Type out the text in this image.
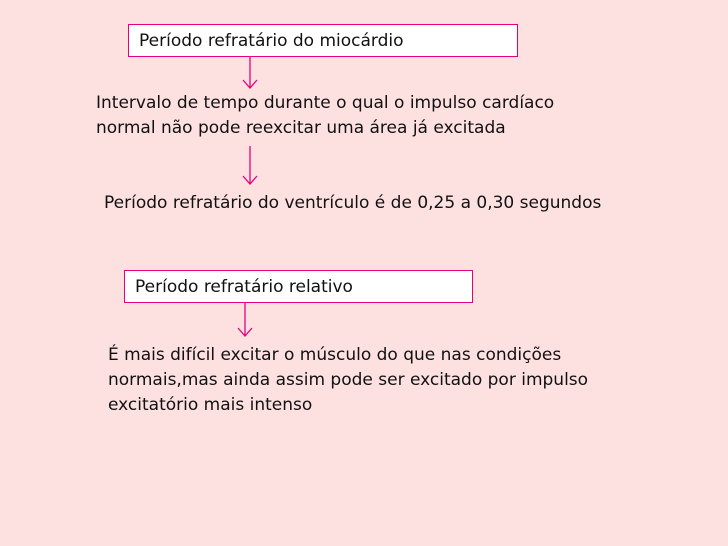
Período refratário do miocárdio
Intervalo de tempo durante o qual o impulso cardíaco
normal não pode reexcitar uma área já excitada
Período refratário do ventrículo é de 0,25 a 0,30 segundos
Período refratário relativo
É mais difícil excitar o músculo do que nas condições
normais,mas ainda assim pode ser excitado por impulso
excitatório mais intenso
